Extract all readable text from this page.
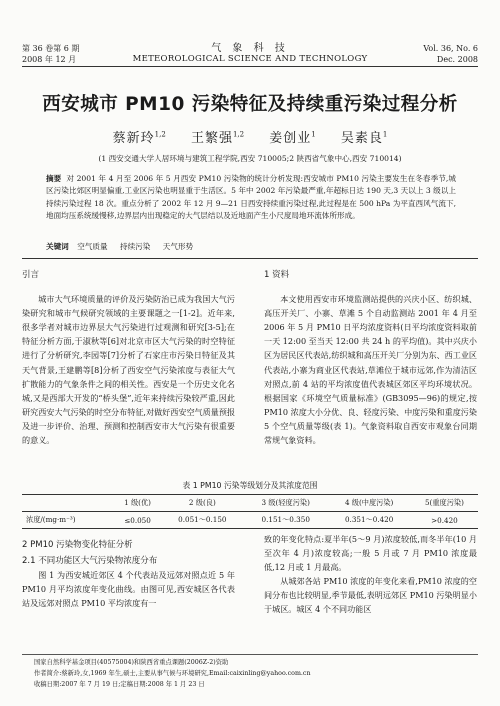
第 36 卷第 6 期
2008 年 12 月
气 象 科 技
METEOROLOGICAL SCIENCE AND TECHNOLOGY
Vol. 36, No. 6
Dec. 2008
西安城市 PM10 污染特征及持续重污染过程分析
蔡新玲$^{1,2}$ 王繁强$^{1,2}$ 姜创业$^1$ 吴素良$^1$
(1 西安交通大学人居环境与建筑工程学院,西安 710005;2 陕西省气象中心,西安 710014)
摘要 对 2001 年 4 月至 2006 年 5 月西安 PM10 污染物的统计分析发现:西安城市 PM10 污染主要发生在冬春季节,城区污染比郊区明显偏重,工业区污染也明显重于生活区。5 年中 2002 年污染最严重,年超标日达 190 天,3 天以上 3 级以上持续污染过程 18 次。重点分析了 2002 年 12 月 9—21 日西安持续重污染过程,此过程是在 500 hPa 为平直西风气流下,地面均压系统缓慢移,边界层内出现稳定的大气层结以及近地面产生小尺度局地环流体所形成。
关键词 空气质量 持续污染 天气形势
引言
城市大气环境质量的评价及污染防治已成为我国大气污染研究和城市气候研究领域的主要课题之一[1-2]。近年来,很多学者对城市边界层大气污染进行过观测和研究[3-5];在特征分析方面,于淑秋等[6]对北京市区大气污染的时空特征进行了分析研究,李园等[7]分析了石家庄市污染日特征及其天气背景,王建鹏等[8]分析了西安空气污染浓度与表征大气扩散能力的气象条件之间的相关性。西安是一个历史文化名城,又是西部大开发的“桥头堡”,近年来持续污染较严重,因此研究西安大气污染的时空分布特征,对做好西安空气质量预报及进一步评价、治理、预测和控制西安市大气污染有很重要的意义。
1 资料
本文使用西安市环境监测站提供的兴庆小区、纺织城、高压开关厂、小寨、草滩 5 个自动监测站 2001 年 4 月至 2006 年 5 月 PM10 日平均浓度资料(日平均浓度资料取前一天 12:00 至当天 12:00 共 24 h 的平均值)。其中兴庆小区为居民区代表站,纺织城和高压开关厂分别为东、西工业区代表站,小寨为商业区代表站,草滩位于城市远郊,作为清洁区对照点,前 4 站的平均浓度值代表城区郊区平均环境状况。根据国家《环境空气质量标准》(GB3095—96)的规定,按 PM10 浓度大小分优、良、轻度污染、中度污染和重度污染 5 个空气质量等级(表 1)。气象资料取自西安市观象台同期常规气象资料。
表 1 PM10 污染等级划分及其浓度范围
	1 级(优)	2 级(良)	3 级(轻度污染)	4 级(中度污染)	5(重度污染)
浓度/(mg·m⁻³)	≤0.050	0.051～0.150	0.151～0.350	0.351～0.420	>0.420
2 PM10 污染物变化特征分析
2.1 不同功能区大气污染物浓度分布
图 1 为西安城近郊区 4 个代表站及远郊对照点近 5 年 PM10 月平均浓度年变化曲线。由图可见,西安城区各代表站及远郊对照点 PM10 平均浓度有一
致的年变化特点:夏半年(5～9 月)浓度较低,而冬半年(10 月至次年 4 月)浓度较高;一般 5 月或 7 月 PM10 浓度最低,12 月或 1 月最高。
从城郊各站 PM10 浓度的年变化来看,PM10 浓度的空间分布也比较明显,季节最低,表明远郊区 PM10 污染明显小于城区。城区 4 个不同功能区
国家自然科学基金项目(40575004)和陕西省重点课题(2006Z-2)资助
作者简介:蔡新玲,女,1969 年生,硕士,主要从事气候与环境研究,Email:caixinling@yahoo.com.cn
收稿日期:2007 年 7 月 19 日;定稿日期:2008 年 1 月 23 日
